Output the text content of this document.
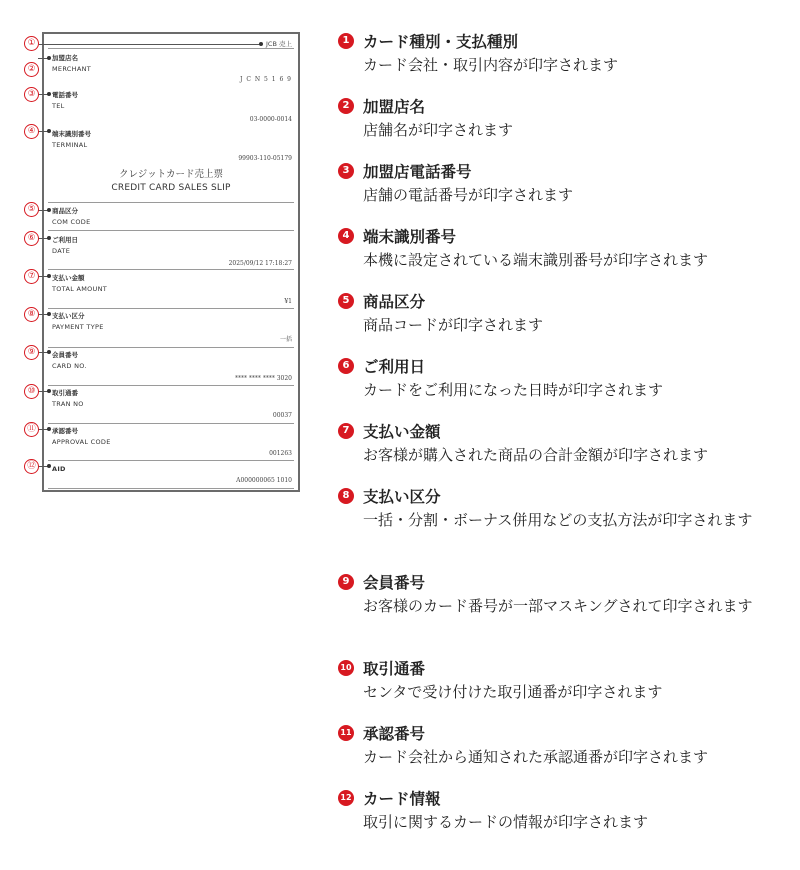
JCB 売上
加盟店名
MERCHANT
J C N 5 1 6 9
電話番号
TEL
03-0000-0014
端末識別番号
TERMINAL
99903-110-05179
クレジットカード売上票
CREDIT CARD SALES SLIP
商品区分
COM CODE
ご利用日
DATE
2025/09/12 17:18:27
支払い金額
TOTAL AMOUNT
¥1
支払い区分
PAYMENT TYPE
一括
会員番号
CARD NO.
**** **** **** 3020
取引通番
TRAN NO
00037
承認番号
APPROVAL CODE
001263
AID
A000000065 1010
①
②
③
④
⑤
⑥
⑦
⑧
⑨
⑩
⑪
⑫
1 カード種別・支払種別
カード会社・取引内容が印字されます
2 加盟店名
店舗名が印字されます
3 加盟店電話番号
店舗の電話番号が印字されます
4 端末識別番号
本機に設定されている端末識別番号が印字されます
5 商品区分
商品コードが印字されます
6 ご利用日
カードをご利用になった日時が印字されます
7 支払い金額
お客様が購入された商品の合計金額が印字されます
8 支払い区分
一括・分割・ボーナス併用などの支払方法が印字されます
9 会員番号
お客様のカード番号が一部マスキングされて印字されます
10 取引通番
センタで受け付けた取引通番が印字されます
11 承認番号
カード会社から通知された承認通番が印字されます
12 カード情報
取引に関するカードの情報が印字されます
